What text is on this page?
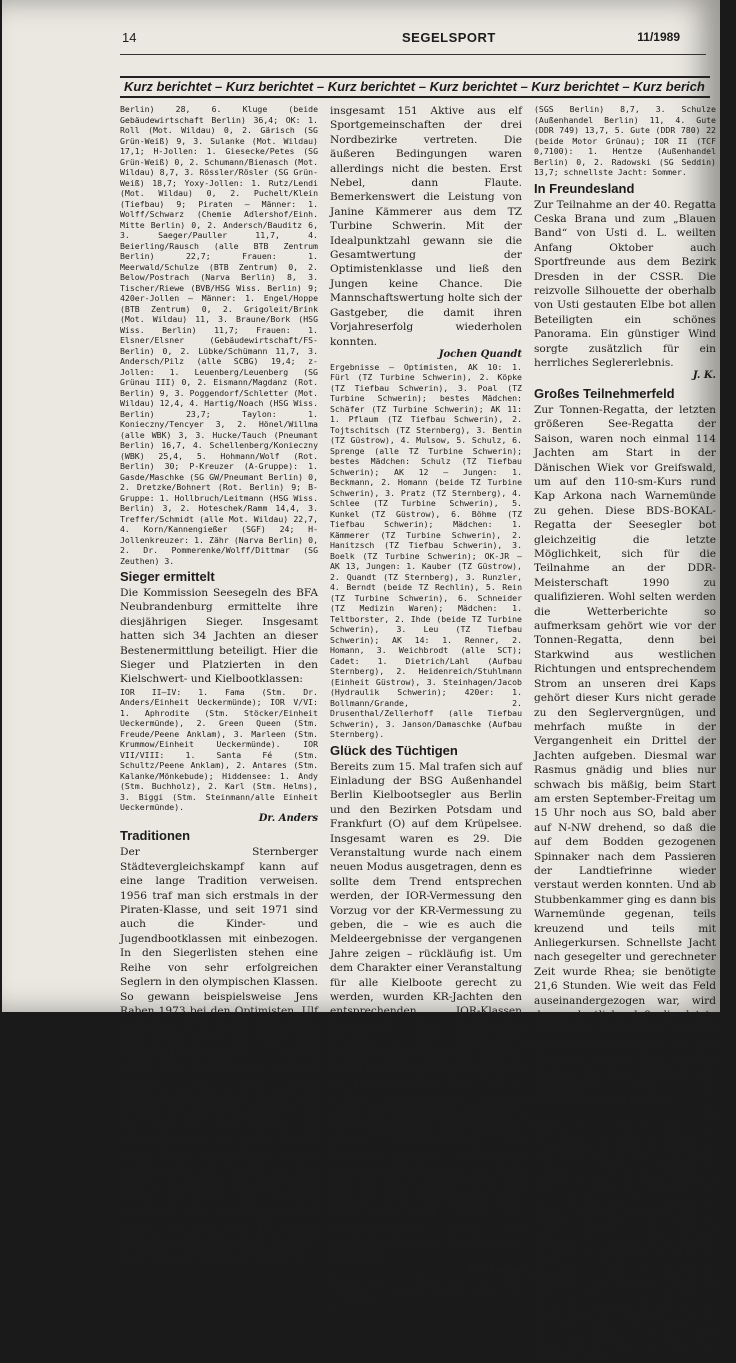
14	SEGELSPORT	11/1989
Kurz berichtet – Kurz berichtet – Kurz berichtet – Kurz berichtet – Kurz berichtet – Kurz berich

Berlin) 28, 6. Kluge (beide Gebäudewirtschaft Berlin) 36,4; OK: 1. Roll (Mot. Wildau) 0, 2. Gärisch (SG Grün-Weiß) 9, 3. Sulanke (Mot. Wildau) 17,1; H-Jollen: 1. Giesecke/Petes (SG Grün-Weiß) 0, 2. Schumann/Bienasch (Mot. Wildau) 8,7, 3. Rössler/Rösler (SG Grün-Weiß) 18,7; Yoxy-Jollen: 1. Rutz/Lendi (Mot. Wildau) 0, 2. Puchelt/Klein (Tiefbau) 9; Piraten – Männer: 1. Wolff/Schwarz (Chemie Adlershof/Einh. Mitte Berlin) 0, 2. Andersch/Bauditz 6, 3. Saeger/Pauller 11,7, 4. Beierling/Rausch (alle BTB Zentrum Berlin) 22,7; Frauen: 1. Meerwald/Schulze (BTB Zentrum) 0, 2. Below/Postrach (Narva Berlin) 8, 3. Tischer/Riewe (BVB/HSG Wiss. Berlin) 9; 420er-Jollen – Männer: 1. Engel/Hoppe (BTB Zentrum) 0, 2. Grigoleit/Brink (Mot. Wildau) 11, 3. Braune/Bork (HSG Wiss. Berlin) 11,7; Frauen: 1. Elsner/Elsner (Gebäudewirtschaft/FS-Berlin) 0, 2. Lübke/Schümann 11,7, 3. Andersch/Pilz (alle SCBG) 19,4; z-Jollen: 1. Leuenberg/Leuenberg (SG Grünau III) 0, 2. Eismann/Magdanz (Rot. Berlin) 9, 3. Poggendorf/Schletter (Mot. Wildau) 12,4, 4. Hartig/Noach (HSG Wiss. Berlin) 23,7; Taylon: 1. Konieczny/Tencyer 3, 2. Hönel/Willma (alle WBK) 3, 3. Hucke/Tauch (Pneumant Berlin) 16,7, 4. Schellenberg/Konieczny (WBK) 25,4, 5. Hohmann/Wolf (Rot. Berlin) 30; P-Kreuzer (A-Gruppe): 1. Gasde/Maschke (SG GW/Pneumant Berlin) 0, 2. Dretzke/Bohnert (Rot. Berlin) 9; B-Gruppe: 1. Hollbruch/Leitmann (HSG Wiss. Berlin) 3, 2. Hoteschek/Ramm 14,4, 3. Treffer/Schmidt (alle Mot. Wildau) 22,7, 4. Korn/Kannengießer (SGF) 24; H-Jollenkreuzer: 1. Zähr (Narva Berlin) 0, 2. Dr. Pommerenke/Wolff/Dittmar (SG Zeuthen) 3.

Sieger ermittelt

Die Kommission Seesegeln des BFA Neubrandenburg ermittelte ihre diesjährigen Sieger. Insgesamt hatten sich 34 Jachten an dieser Bestenermittlung beteiligt. Hier die Sieger und Platzierten in den Kielschwert- und Kielbootklassen:

IOR II–IV: 1. Fama (Stm. Dr. Anders/Einheit Ueckermünde); IOR V/VI: 1. Aphrodite (Stm. Stöcker/Einheit Ueckermünde), 2. Green Queen (Stm. Freude/Peene Anklam), 3. Marleen (Stm. Krummow/Einheit Ueckermünde). IOR VII/VIII: 1. Santa Fé (Stm. Schultz/Peene Anklam), 2. Antares (Stm. Kalanke/Mönkebude); Hiddensee: 1. Andy (Stm. Buchholz), 2. Karl (Stm. Helms), 3. Biggi (Stm. Steinmann/alle Einheit Ueckermünde).

Dr. Anders

Traditionen

Der Sternberger Städtevergleichskampf kann auf eine lange Tradition verweisen. 1956 traf man sich erstmals in der Piraten-Klasse, und seit 1971 sind auch die Kinder- und Jugendbootklassen mit einbezogen. In den Siegerlisten stehen eine Reihe von sehr erfolgreichen Seglern in den olympischen Klassen. So gewann beispielsweise Jens Raben 1973 bei den Optimisten, Ulf Lehmann 1974 in der 420er-Jolle, Jörg Rettig 1977 im Cadet und Junioren-Europameister Jürgen Knuth 1980 bei den Optis. Auch in diesem Jahr war diese Traditionsveranstaltung wieder gut besetzt. Bei den Optis gingen 66, im OK und bei den 420ern 41 beziehungsweise 14 Boote an den Start. Nicht befriedigen können dagegen die acht Starter bei den Cadets. In diesem Zusammenhang taucht die Frage auf: Welchen sportlichen Weg können die Kinder gehen, die aus dem TZ in die Sektionen zurückdelegiert werden? In diesem Jahr waren in Sternberg

insgesamt 151 Aktive aus elf Sportgemeinschaften der drei Nordbezirke vertreten. Die äußeren Bedingungen waren allerdings nicht die besten. Erst Nebel, dann Flaute. Bemerkenswert die Leistung von Janine Kämmerer aus dem TZ Turbine Schwerin. Mit der Idealpunktzahl gewann sie die Gesamtwertung der Optimistenklasse und ließ den Jungen keine Chance. Die Mannschaftswertung holte sich der Gastgeber, die damit ihren Vorjahreserfolg wiederholen konnten.

Jochen Quandt

Ergebnisse – Optimisten, AK 10: 1. Fürl (TZ Turbine Schwerin), 2. Köpke (TZ Tiefbau Schwerin), 3. Poal (TZ Turbine Schwerin); bestes Mädchen: Schäfer (TZ Turbine Schwerin); AK 11: 1. Pflaum (TZ Tiefbau Schwerin), 2. Tojtschitsch (TZ Sternberg), 3. Bentin (TZ Güstrow), 4. Mulsow, 5. Schulz, 6. Sprenge (alle TZ Turbine Schwerin); bestes Mädchen: Schulz (TZ Tiefbau Schwerin); AK 12 – Jungen: 1. Beckmann, 2. Homann (beide TZ Turbine Schwerin), 3. Pratz (TZ Sternberg), 4. Schlee (TZ Turbine Schwerin), 5. Kunkel (TZ Güstrow), 6. Böhme (TZ Tiefbau Schwerin); Mädchen: 1. Kämmerer (TZ Turbine Schwerin), 2. Hanitzsch (TZ Tiefbau Schwerin), 3. Boelk (TZ Turbine Schwerin); OK-JR – AK 13, Jungen: 1. Kauber (TZ Güstrow), 2. Quandt (TZ Sternberg), 3. Runzler, 4. Berndt (beide TZ Rechlin), 5. Rein (TZ Turbine Schwerin), 6. Schneider (TZ Medizin Waren); Mädchen: 1. Teltborster, 2. Ihde (beide TZ Turbine Schwerin), 3. Leu (TZ Tiefbau Schwerin); AK 14: 1. Renner, 2. Homann, 3. Weichbrodt (alle SCT); Cadet: 1. Dietrich/Lahl (Aufbau Sternberg), 2. Heidenreich/Stuhlmann (Einheit Güstrow), 3. Steinhagen/Jacob (Hydraulik Schwerin); 420er: 1. Bollmann/Grande, 2. Drusenthal/Zellerhoff (alle Tiefbau Schwerin), 3. Janson/Damaschke (Aufbau Sternberg).

Glück des Tüchtigen

Bereits zum 15. Mal trafen sich auf Einladung der BSG Außenhandel Berlin Kielbootsegler aus Berlin und den Bezirken Potsdam und Frankfurt (O) auf dem Krüpelsee. Insgesamt waren es 29. Die Veranstaltung wurde nach einem neuen Modus ausgetragen, denn es sollte dem Trend entsprechen werden, der IOR-Vermessung den Vorzug vor der KR-Vermessung zu geben, die – wie es auch die Meldeergebnisse der vergangenen Jahre zeigen – rückläufig ist. Um dem Charakter einer Veranstaltung für alle Kielboote gerecht zu werden, wurden KR-Jachten den entsprechenden IOR-Klassen zugeordnet. Die Wettfahrten wurden in zwei IOR-Klassen gestartet und es hat sich gezeigt, daß die Trennung in zwei Klassen ab 1990 bei dem Wert TCF = 0,7000 vorgenommen werden sollte. Die Wettfahrten selbst litten unter Windmangel, obgleich keine wegen Überschreitung des Zeitlimits vorzeitig abgebrochen werden mußte. Rasmus war stets kurz vor dem Start zur Stelle und auch bis zum Schlußsignal aktiv. Man kann auch sagen: Die Wettfahrtleitung hatte das berühmte Glück des Tüchtigen auf ihrer Seite.

K. Manke

Ergebnisse – IOR-Klasse I (TCF 0,7100): 1. Sommer (Motor Grünau) 0, 2. Hoffmann

(SGS Berlin) 8,7, 3. Schulze (Außenhandel Berlin) 11, 4. Gute (DDR 749) 13,7, 5. Gute (DDR 780) 22 (beide Motor Grünau); IOR II (TCF 0,7100): 1. Hentze (Außenhandel Berlin) 0, 2. Radowski (SG Seddin) 13,7; schnellste Jacht: Sommer.

In Freundesland

Zur Teilnahme an der 40. Regatta Ceska Brana und zum „Blauen Band“ von Usti d. L. weilten Anfang Oktober auch Sportfreunde aus dem Bezirk Dresden in der CSSR. Die reizvolle Silhouette der oberhalb von Usti gestauten Elbe bot allen Beteiligten ein schönes Panorama. Ein günstiger Wind sorgte zusätzlich für ein herrliches Seglererlebnis.

J. K.

Großes Teilnehmerfeld

Zur Tonnen-Regatta, der letzten größeren See-Regatta der Saison, waren noch einmal 114 Jachten am Start in der Dänischen Wiek vor Greifswald, um auf den 110-sm-Kurs rund Kap Arkona nach Warnemünde zu gehen. Diese BDS-BOKAL-Regatta der Seesegler bot gleichzeitig die letzte Möglichkeit, sich für die Teilnahme an der DDR-Meisterschaft 1990 zu qualifizieren. Wohl selten werden die Wetterberichte so aufmerksam gehört wie vor der Tonnen-Regatta, denn bei Starkwind aus westlichen Richtungen und entsprechendem Strom an unseren drei Kaps gehört dieser Kurs nicht gerade zu den Seglervergnügen, und mehrfach mußte in der Vergangenheit ein Drittel der Jachten aufgeben. Diesmal war Rasmus gnädig und blies nur schwach bis mäßig, beim Start am ersten September-Freitag um 15 Uhr noch aus SO, bald aber auf N-NW drehend, so daß die auf dem Bodden gezogenen Spinnaker nach dem Passieren der Landtiefrinne wieder verstaut werden konnten. Und ab Stubbenkammer ging es dann bis Warnemünde gegenan, teils kreuzend und teils mit Anliegerkursen. Schnellste Jacht nach gesegelter und gerechneter Zeit wurde Rhea; sie benötigte 21,6 Stunden. Wie weit das Feld auseinandergezogen war, wird daran deutlich, daß die letzte Hiddensee zehneinhalb Stunden nach der ersten ankam. Nach 30 Stunden waren die meisten Jachten im Ziel, während die Nachzügler erst am Sonntagmorgen eintrafen.

Ju

Ergebnisse – Klasse I–III (13 Teilnehmer): 1. EMA, 2. Nadir, 3. Universitas, 4. Gadus, 5. Wiking, 6. Knechtsand; Klasse IV (16): 1. Rhea, 2. Deern, 3. Baltic, 4. Holiday, 5. Vineta, 6. Han, 7. Goor; Klasse V (14): 1. Mona, 2. Atlantic, 3. Venus, 4. Mephisto, 5. Goldmarie, 6. Boreas, 7. Regin; Klasse VI (13): 1. Hanseat, 2. Venus, 3. Elba, 4. Greif, 5. Alhena, 6. Sirius; Klasse VII (13): 1. Strela, 2. Strela II, 3. Milan, 4. Spray, 5. Timpe Te, 6. Tabaluga; Sund (13): 1. Crypa, 2. Playgirl, 3. Zeus, 5. Triba, 5. Swantewit, 6. Santina; Hiddensee (27): 1. Fem III, 2. Kalmar, 3. Sunny, 4. Simpukku, 5. Rasmus, 6. Hiddensee 7, 7. Kreuz As, 8. Andy, 9. Vagel Grien, 10. Stubber, 11. Test, 12. Benito, 13. Mary Ann; Hiddensee B (4): 1. Boe, 2. Väterchen Frost.
